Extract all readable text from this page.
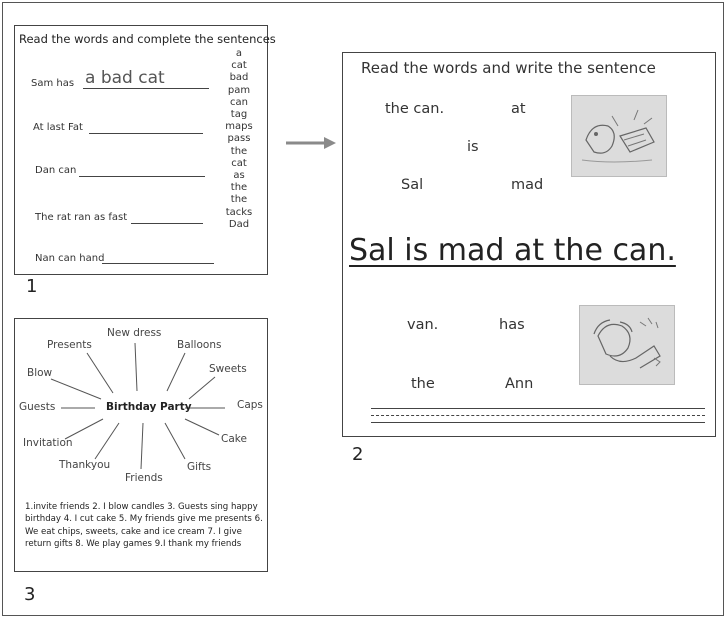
Read the words and complete the sentences
Sam has a bad cat
At last Fat
Dan can
The rat ran as fast
Nan can hand
a
cat
bad
pam
can
tag
maps
pass
the
cat
as
the
the
tacks
Dad
1
Read the words and write the sentence
the can.	at
is
Sal	mad
Sal is mad at the can.
van.	has
the	Ann
2
Birthday Party
New dress
Balloons
Presents
Sweets
Blow
Guests	Caps
Invitation	Cake
Thankyou	Gifts
Friends
1.invite friends 2. I blow candles 3. Guests sing happy birthday 4. I cut cake 5. My friends give me presents 6. We eat chips, sweets, cake and ice cream 7. I give return gifts 8. We play games 9.I thank my friends
3
